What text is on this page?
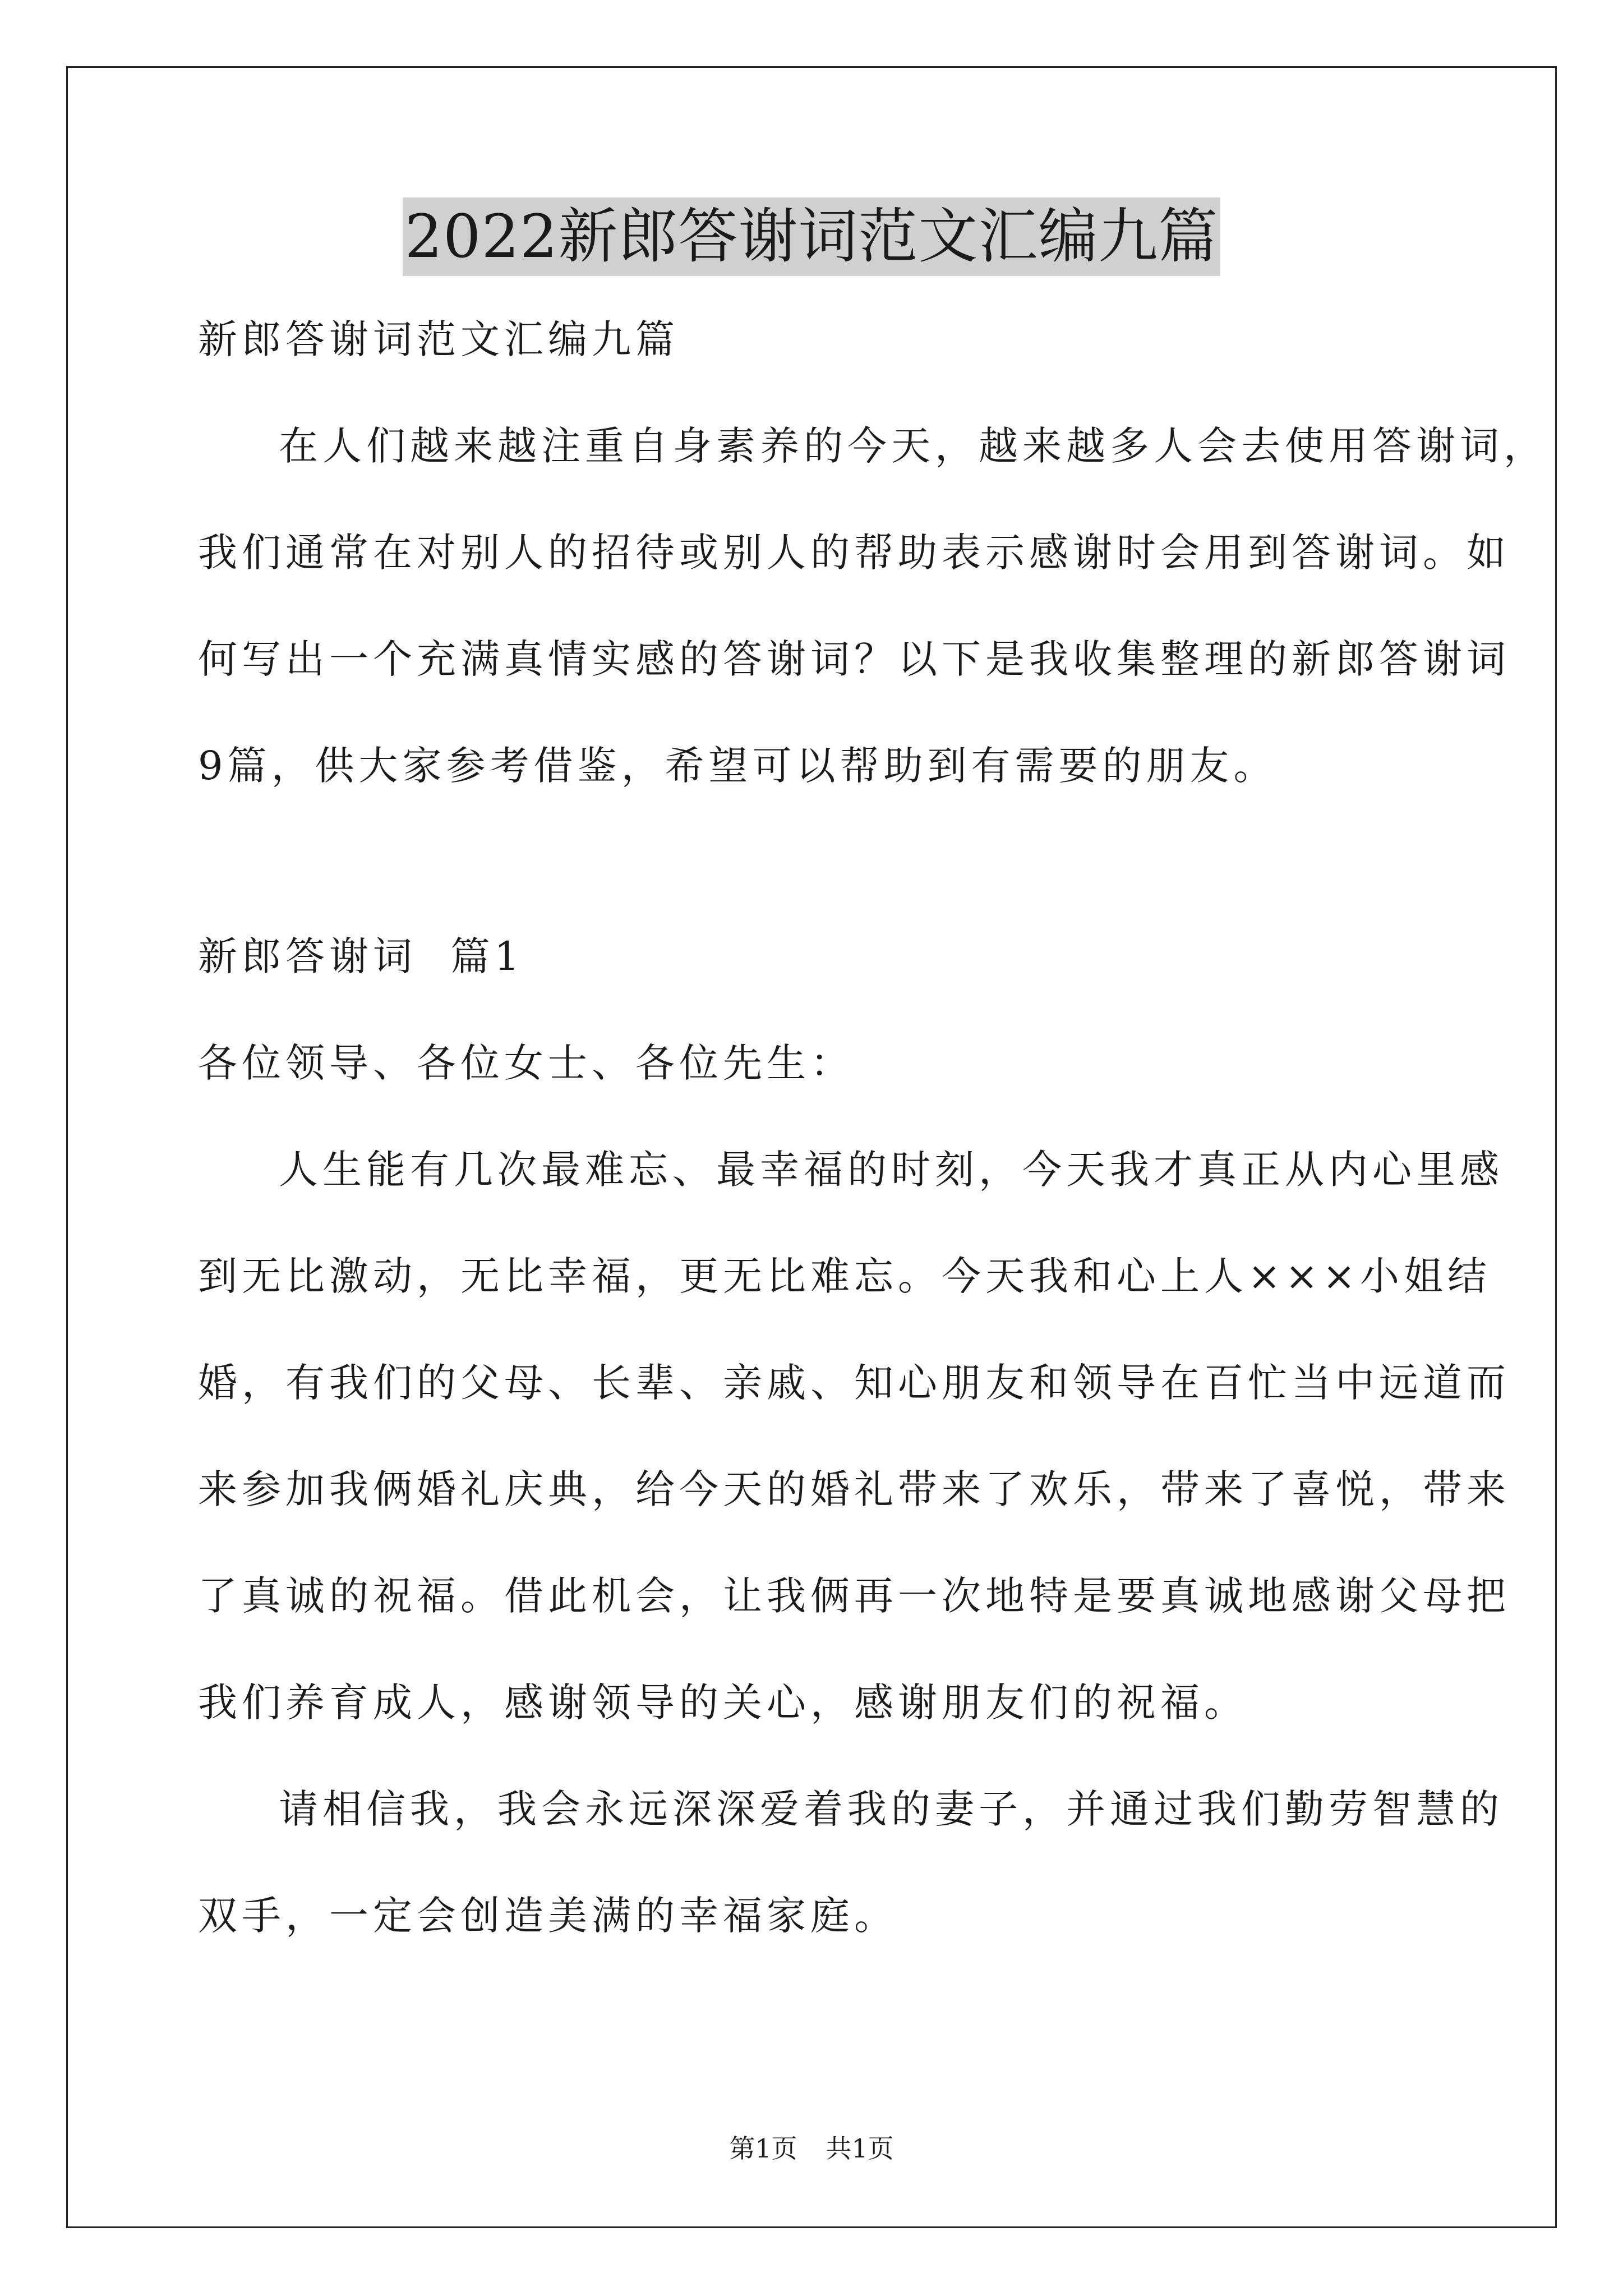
2022新郎答谢词范文汇编九篇
新郎答谢词范文汇编九篇
在人们越来越注重自身素养的今天，越来越多人会去使用答谢词，
我们通常在对别人的招待或别人的帮助表示感谢时会用到答谢词。如
何写出一个充满真情实感的答谢词？以下是我收集整理的新郎答谢词
9篇，供大家参考借鉴，希望可以帮助到有需要的朋友。
新郎答谢词  篇1
各位领导、各位女士、各位先生：
人生能有几次最难忘、最幸福的时刻，今天我才真正从内心里感
到无比激动，无比幸福，更无比难忘。今天我和心上人×××小姐结
婚，有我们的父母、长辈、亲戚、知心朋友和领导在百忙当中远道而
来参加我俩婚礼庆典，给今天的婚礼带来了欢乐，带来了喜悦，带来
了真诚的祝福。借此机会，让我俩再一次地特是要真诚地感谢父母把
我们养育成人，感谢领导的关心，感谢朋友们的祝福。
请相信我，我会永远深深爱着我的妻子，并通过我们勤劳智慧的
双手，一定会创造美满的幸福家庭。
第1页 共1页
